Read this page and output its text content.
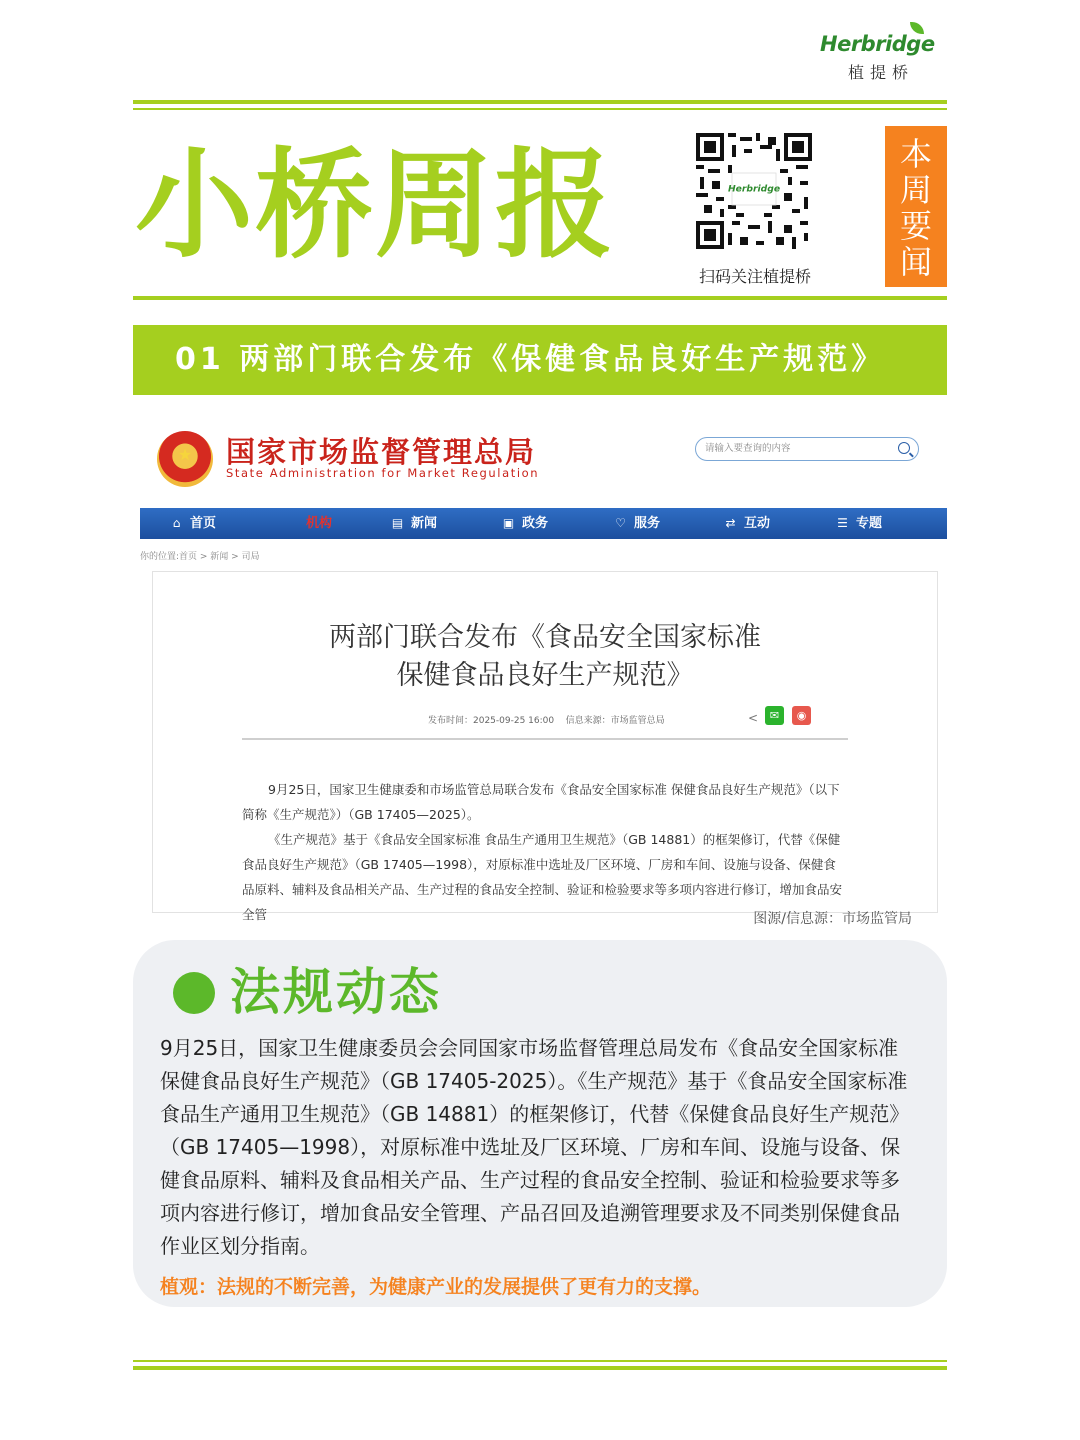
Herbridge
植提桥
小桥周报	Herbridge
扫码关注植提桥
本
周
要
闻
01 两部门联合发布《保健食品良好生产规范》
★	国家市场监督管理总局
State Administration for Market Regulation
请输入要查询的内容
⌂ 首页	机构	▤ 新闻	▣ 政务	♡ 服务	⇄ 互动	☰ 专题
你的位置:首页 > 新闻 > 司局
两部门联合发布《食品安全国家标准
保健食品良好生产规范》
发布时间：2025-09-25 16:00 信息来源：市场监管总局	<	✉	◉

9月25日，国家卫生健康委和市场监管总局联合发布《食品安全国家标准 保健食品良好生产规范》（以下简称《生产规范》）（GB 17405—2025）。

《生产规范》基于《食品安全国家标准 食品生产通用卫生规范》（GB 14881）的框架修订，代替《保健食品良好生产规范》（GB 17405—1998），对原标准中选址及厂区环境、厂房和车间、设施与设备、保健食品原料、辅料及食品相关产品、生产过程的食品安全控制、验证和检验要求等多项内容进行修订，增加食品安全管	图源/信息源：市场监管局
法规动态

9月25日，国家卫生健康委员会会同国家市场监督管理总局发布《食品安全国家标准 保健食品良好生产规范》（GB 17405-2025）。《生产规范》基于《食品安全国家标准 食品生产通用卫生规范》（GB 14881）的框架修订，代替《保健食品良好生产规范》（GB 17405—1998），对原标准中选址及厂区环境、厂房和车间、设施与设备、保健食品原料、辅料及食品相关产品、生产过程的食品安全控制、验证和检验要求等多项内容进行修订，增加食品安全管理、产品召回及追溯管理要求及不同类别保健食品作业区划分指南。

植观：法规的不断完善，为健康产业的发展提供了更有力的支撑。
